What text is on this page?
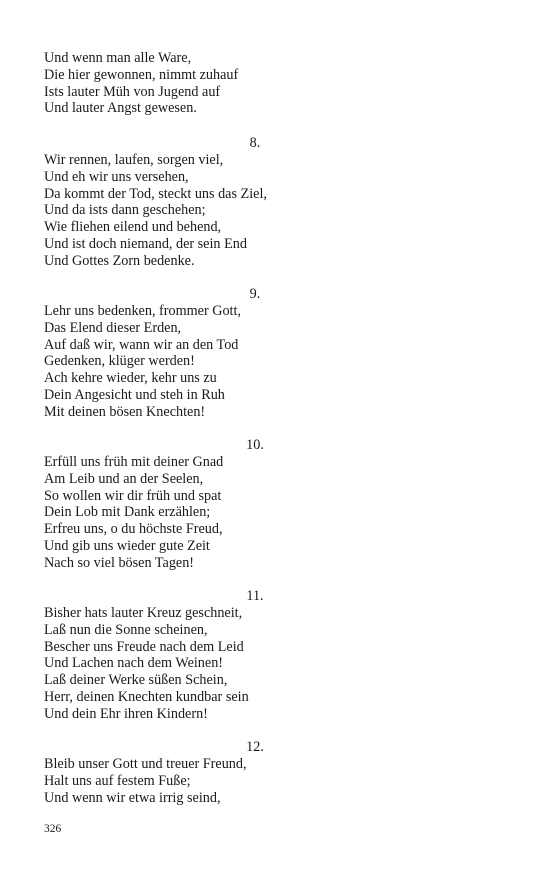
Und wenn man alle Ware,
Die hier gewonnen, nimmt zuhauf
Ists lauter Müh von Jugend auf
Und lauter Angst gewesen.
8.
Wir rennen, laufen, sorgen viel,
Und eh wir uns versehen,
Da kommt der Tod, steckt uns das Ziel,
Und da ists dann geschehen;
Wie fliehen eilend und behend,
Und ist doch niemand, der sein End
Und Gottes Zorn bedenke.
9.
Lehr uns bedenken, frommer Gott,
Das Elend dieser Erden,
Auf daß wir, wann wir an den Tod
Gedenken, klüger werden!
Ach kehre wieder, kehr uns zu
Dein Angesicht und steh in Ruh
Mit deinen bösen Knechten!
10.
Erfüll uns früh mit deiner Gnad
Am Leib und an der Seelen,
So wollen wir dir früh und spat
Dein Lob mit Dank erzählen;
Erfreu uns, o du höchste Freud,
Und gib uns wieder gute Zeit
Nach so viel bösen Tagen!
11.
Bisher hats lauter Kreuz geschneit,
Laß nun die Sonne scheinen,
Bescher uns Freude nach dem Leid
Und Lachen nach dem Weinen!
Laß deiner Werke süßen Schein,
Herr, deinen Knechten kundbar sein
Und dein Ehr ihren Kindern!
12.
Bleib unser Gott und treuer Freund,
Halt uns auf festem Fuße;
Und wenn wir etwa irrig seind,
326
